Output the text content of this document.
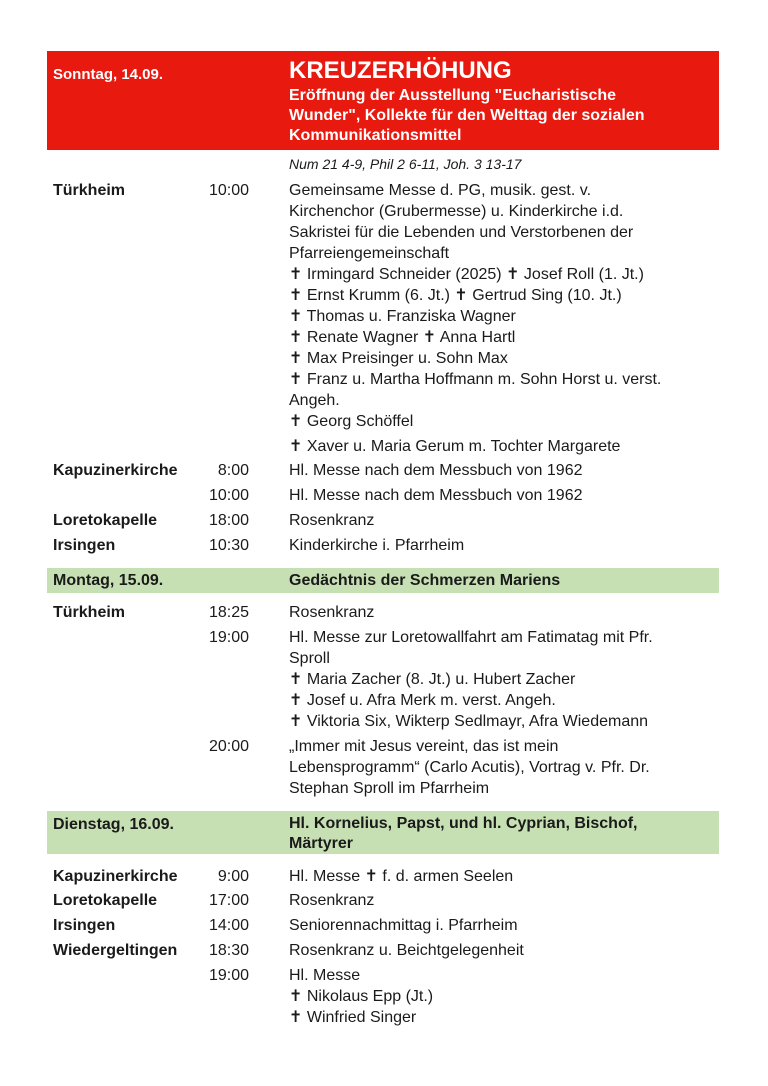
Sonntag, 14.09.	KREUZERHÖHUNG
Eröffnung der Ausstellung "Eucharistische
Wunder", Kollekte für den Welttag der sozialen
Kommunikationsmittel
Num 21 4-9, Phil 2 6-11, Joh. 3 13-17
Türkheim	10:00	Gemeinsame Messe d. PG, musik. gest. v.
Kirchenchor (Grubermesse) u. Kinderkirche i.d.
Sakristei für die Lebenden und Verstorbenen der
Pfarreiengemeinschaft
✝ Irmingard Schneider (2025) ✝ Josef Roll (1. Jt.)
✝ Ernst Krumm (6. Jt.) ✝ Gertrud Sing (10. Jt.)
✝ Thomas u. Franziska Wagner
✝ Renate Wagner ✝ Anna Hartl
✝ Max Preisinger u. Sohn Max
✝ Franz u. Martha Hoffmann m. Sohn Horst u. verst.
Angeh.
✝ Georg Schöffel
✝ Xaver u. Maria Gerum m. Tochter Margarete
Kapuzinerkirche	8:00	Hl. Messe nach dem Messbuch von 1962
10:00	Hl. Messe nach dem Messbuch von 1962
Loretokapelle	18:00	Rosenkranz
Irsingen	10:30	Kinderkirche i. Pfarrheim
Montag, 15.09.	Gedächtnis der Schmerzen Mariens
Türkheim	18:25	Rosenkranz
19:00	Hl. Messe zur Loretowallfahrt am Fatimatag mit Pfr.
Sproll
✝ Maria Zacher (8. Jt.) u. Hubert Zacher
✝ Josef u. Afra Merk m. verst. Angeh.
✝ Viktoria Six, Wikterp Sedlmayr, Afra Wiedemann
20:00	„Immer mit Jesus vereint, das ist mein
Lebensprogramm“ (Carlo Acutis), Vortrag v. Pfr. Dr.
Stephan Sproll im Pfarrheim
Dienstag, 16.09.	Hl. Kornelius, Papst, und hl. Cyprian, Bischof,
Märtyrer
Kapuzinerkirche	9:00	Hl. Messe ✝ f. d. armen Seelen
Loretokapelle	17:00	Rosenkranz
Irsingen	14:00	Seniorennachmittag i. Pfarrheim
Wiedergeltingen	18:30	Rosenkranz u. Beichtgelegenheit
19:00	Hl. Messe
✝ Nikolaus Epp (Jt.)
✝ Winfried Singer
